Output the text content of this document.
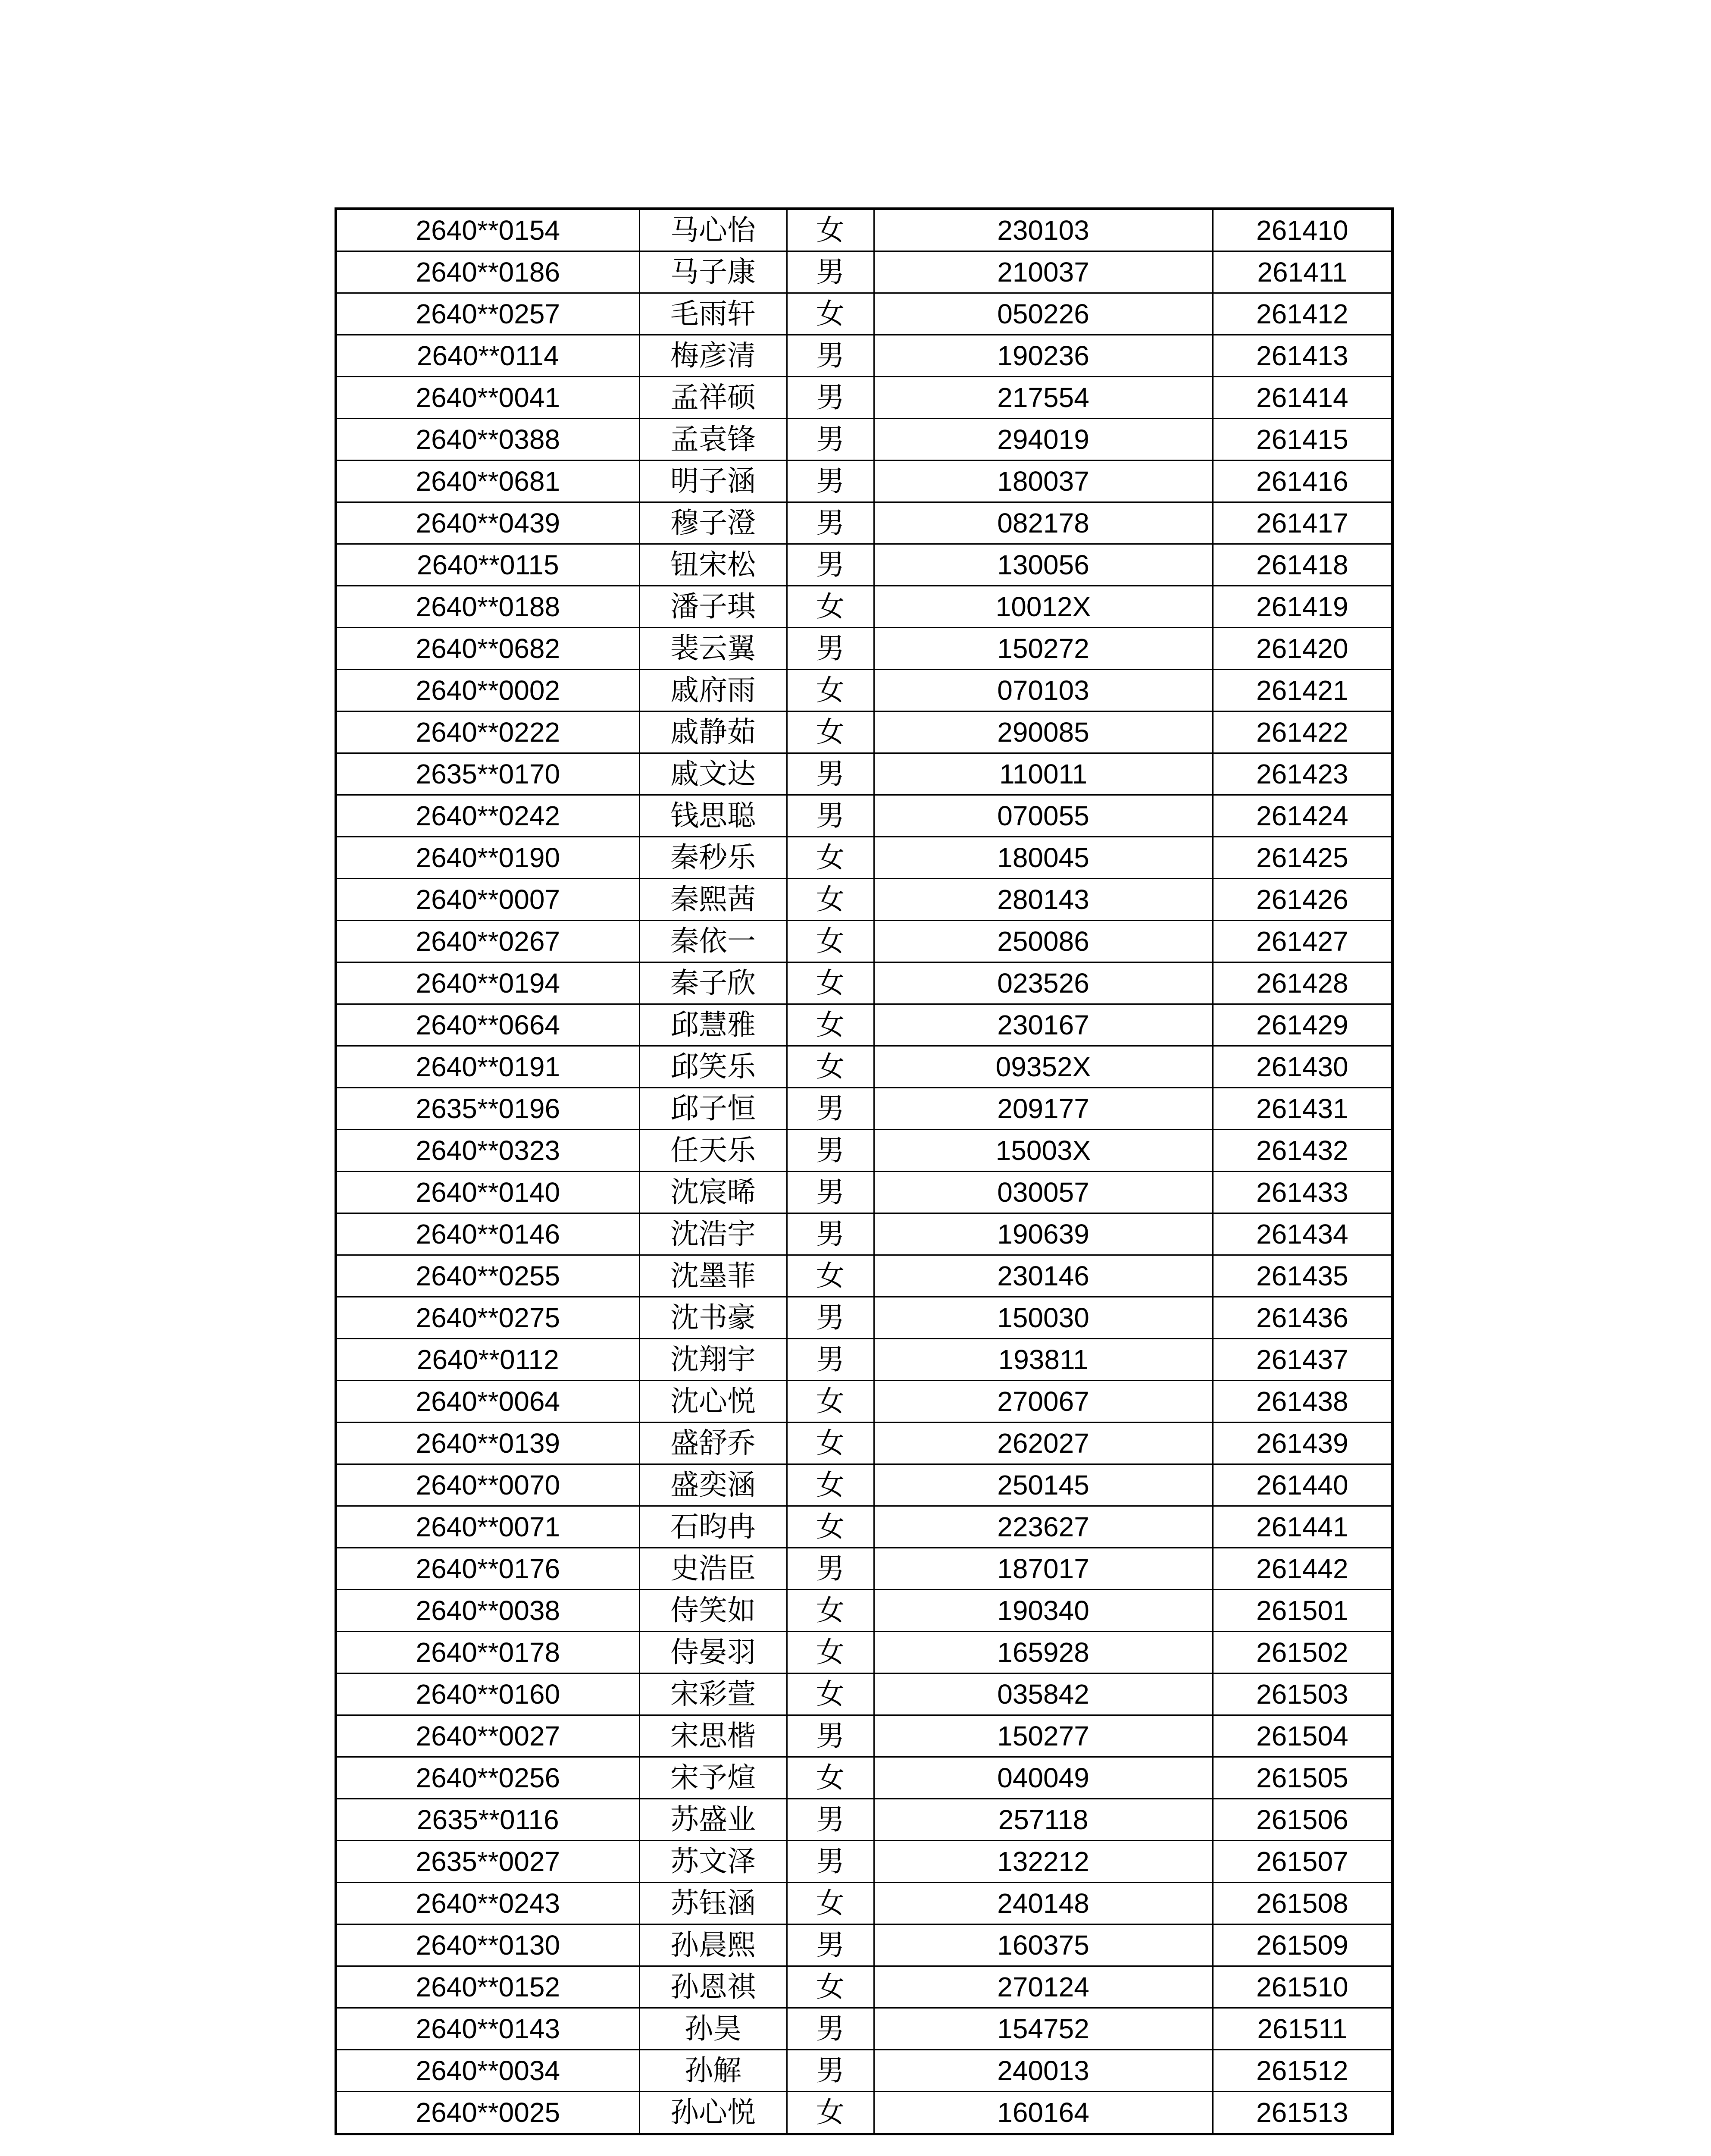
2640**0154	马心怡	女	230103	261410
2640**0186	马子康	男	210037	261411
2640**0257	毛雨轩	女	050226	261412
2640**0114	梅彦清	男	190236	261413
2640**0041	孟祥硕	男	217554	261414
2640**0388	孟袁锋	男	294019	261415
2640**0681	明子涵	男	180037	261416
2640**0439	穆子澄	男	082178	261417
2640**0115	钮宋松	男	130056	261418
2640**0188	潘子琪	女	10012X	261419
2640**0682	裴云翼	男	150272	261420
2640**0002	戚府雨	女	070103	261421
2640**0222	戚静茹	女	290085	261422
2635**0170	戚文达	男	110011	261423
2640**0242	钱思聪	男	070055	261424
2640**0190	秦秒乐	女	180045	261425
2640**0007	秦熙茜	女	280143	261426
2640**0267	秦依一	女	250086	261427
2640**0194	秦子欣	女	023526	261428
2640**0664	邱慧雅	女	230167	261429
2640**0191	邱笑乐	女	09352X	261430
2635**0196	邱子恒	男	209177	261431
2640**0323	任天乐	男	15003X	261432
2640**0140	沈宸晞	男	030057	261433
2640**0146	沈浩宇	男	190639	261434
2640**0255	沈墨菲	女	230146	261435
2640**0275	沈书豪	男	150030	261436
2640**0112	沈翔宇	男	193811	261437
2640**0064	沈心悦	女	270067	261438
2640**0139	盛舒乔	女	262027	261439
2640**0070	盛奕涵	女	250145	261440
2640**0071	石昀冉	女	223627	261441
2640**0176	史浩臣	男	187017	261442
2640**0038	侍笑如	女	190340	261501
2640**0178	侍晏羽	女	165928	261502
2640**0160	宋彩萱	女	035842	261503
2640**0027	宋思楷	男	150277	261504
2640**0256	宋予煊	女	040049	261505
2635**0116	苏盛业	男	257118	261506
2635**0027	苏文泽	男	132212	261507
2640**0243	苏钰涵	女	240148	261508
2640**0130	孙晨熙	男	160375	261509
2640**0152	孙恩祺	女	270124	261510
2640**0143	孙昊	男	154752	261511
2640**0034	孙解	男	240013	261512
2640**0025	孙心悦	女	160164	261513
